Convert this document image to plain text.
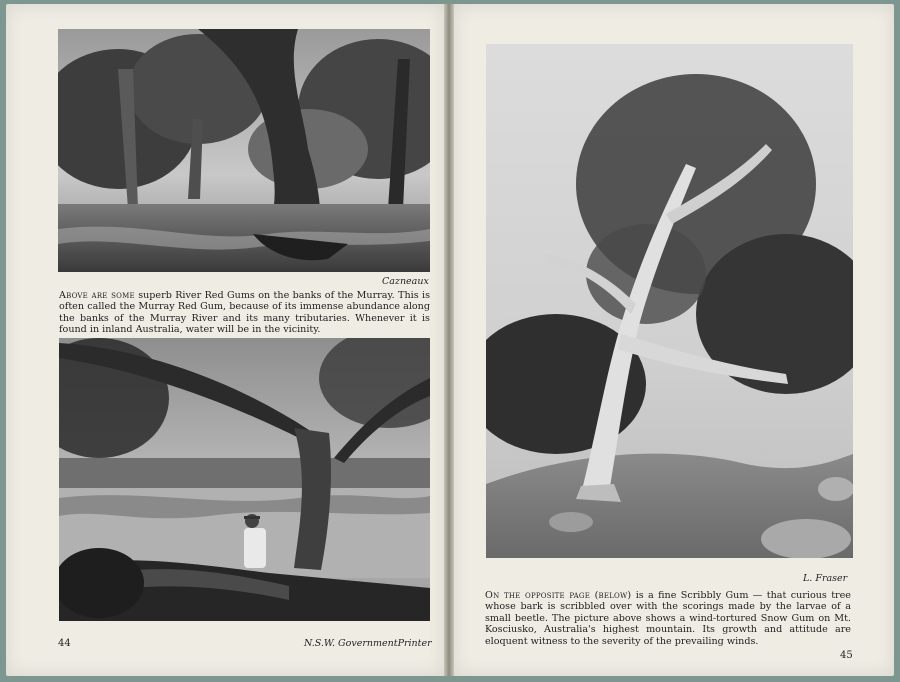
Cazneaux
Above are some superb River Red Gums on the banks of the Murray. This is often called the Murray Red Gum, because of its immense abundance along the banks of the Murray River and its many tributaries. Whenever it is found in inland Australia, water will be in the vicinity.
44	N.S.W. GovernmentPrinter
L. Fraser
On the opposite page (below) is a fine Scribbly Gum — that curious tree whose bark is scribbled over with the scorings made by the larvae of a small beetle. The picture above shows a wind-tortured Snow Gum on Mt. Kosciusko, Australia's highest mountain. Its growth and attitude are eloquent witness to the severity of the prevailing winds.
45
